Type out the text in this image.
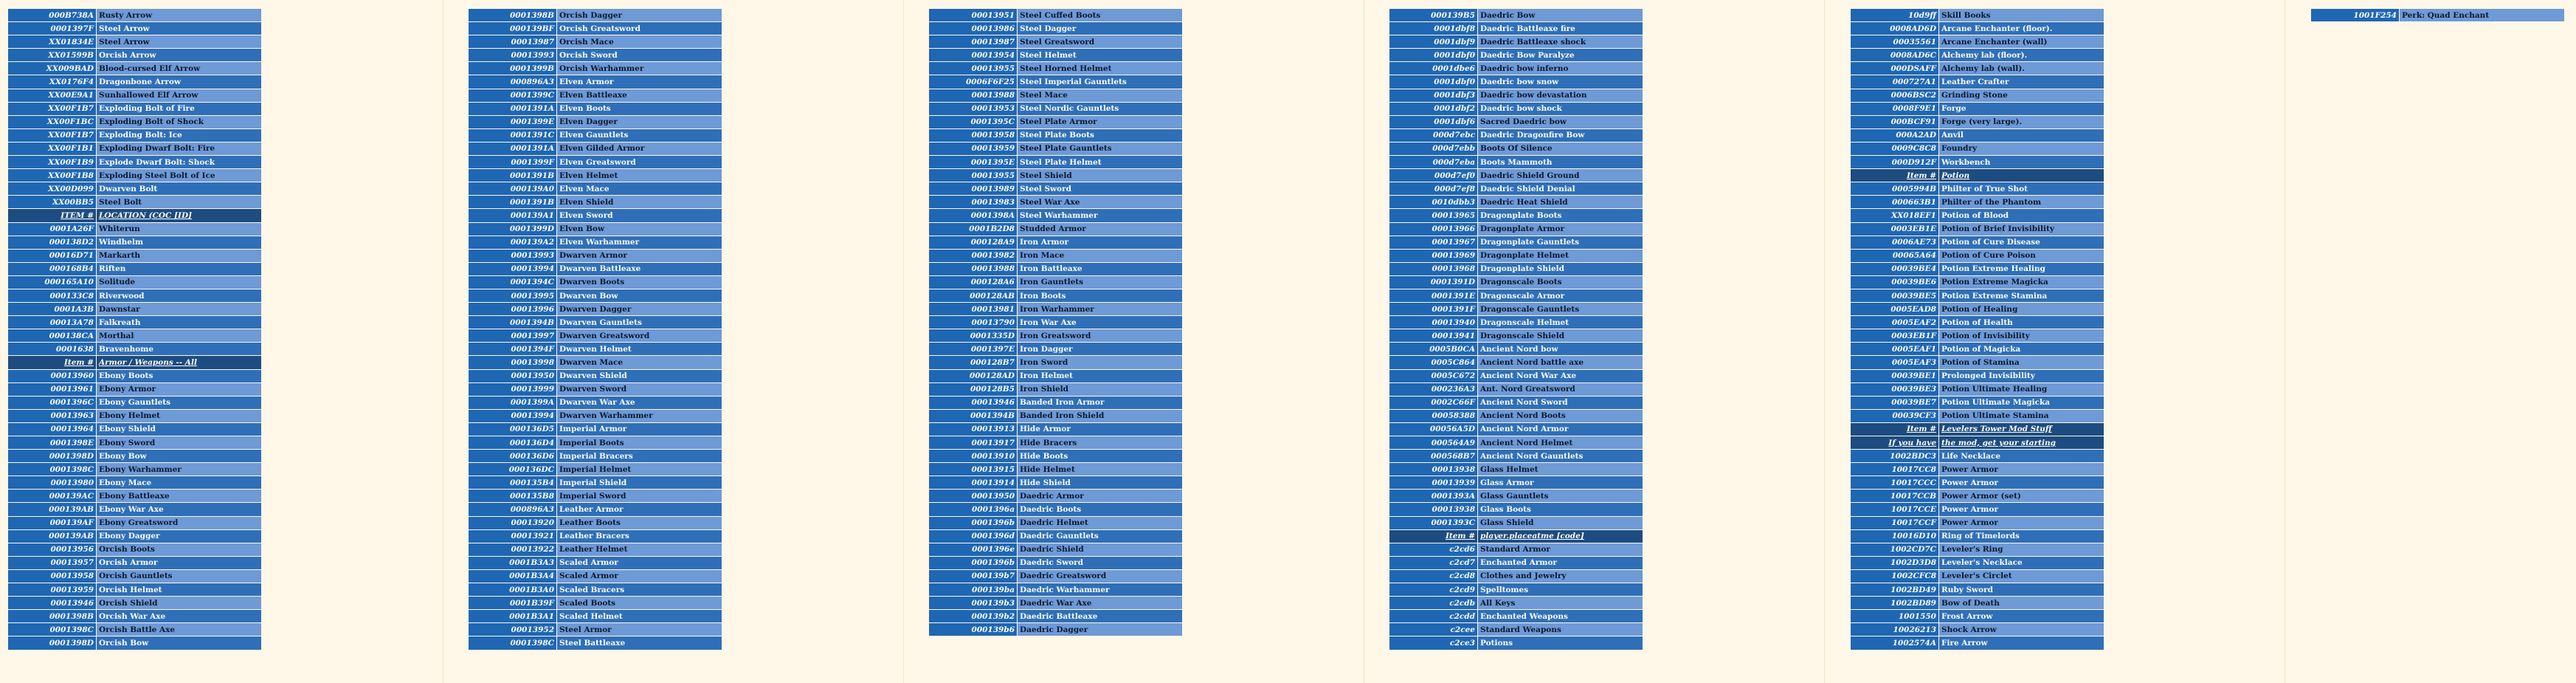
000B738A	Rusty Arrow
0001397F	Steel Arrow
XX01834E	Steel Arrow
XX01599B	Orcish Arrow
XX009BAD	Blood-cursed Elf Arrow
XX0176F4	Dragonbone Arrow
XX00E9A1	Sunhallowed Elf Arrow
XX00F1B7	Exploding Bolt of Fire
XX00F1BC	Exploding Bolt of Shock
XX00F1B7	Exploding Bolt: Ice
XX00F1B1	Exploding Dwarf Bolt: Fire
XX00F1B9	Explode Dwarf Bolt: Shock
XX00F1B8	Exploding Steel Bolt of Ice
XX00D099	Dwarven Bolt
XX00BB5	Steel Bolt
ITEM #	LOCATION (COC [ID]
0001A26F	Whiterun
000138D2	Windhelm
00016D71	Markarth
000168B4	Riften
000165A10	Solitude
000133C8	Riverwood
0001A3B	Dawnstar
00013A78	Falkreath
000138CA	Morthal
0001638	Bravenhome
Item #	Armor / Weapons -- All
00013960	Ebony Boots
00013961	Ebony Armor
0001396C	Ebony Gauntlets
00013963	Ebony Helmet
00013964	Ebony Shield
0001398E	Ebony Sword
0001398D	Ebony Bow
0001398C	Ebony Warhammer
00013980	Ebony Mace
000139AC	Ebony Battleaxe
000139AB	Ebony War Axe
000139AF	Ebony Greatsword
000139AB	Ebony Dagger
00013956	Orcish Boots
00013957	Orcish Armor
00013958	Orcish Gauntlets
00013959	Orcish Helmet
00013946	Orcish Shield
0001398B	Orcish War Axe
0001398C	Orcish Battle Axe
0001398D	Orcish Bow
0001398B	Orcish Dagger
000139BF	Orcish Greatsword
00013987	Orcish Mace
00013993	Orcish Sword
0001399B	Orcish Warhammer
000896A3	Elven Armor
0001399C	Elven Battleaxe
0001391A	Elven Boots
0001399E	Elven Dagger
0001391C	Elven Gauntlets
0001391A	Elven Gilded Armor
0001399F	Elven Greatsword
0001391B	Elven Helmet
000139A0	Elven Mace
0001391B	Elven Shield
000139A1	Elven Sword
0001399D	Elven Bow
000139A2	Elven Warhammer
00013993	Dwarven Armor
00013994	Dwarven Battleaxe
0001394C	Dwarven Boots
00013995	Dwarven Bow
00013996	Dwarven Dagger
0001394B	Dwarven Gauntlets
00013997	Dwarven Greatsword
0001394F	Dwarven Helmet
00013998	Dwarven Mace
00013950	Dwarven Shield
00013999	Dwarven Sword
0001399A	Dwarven War Axe
00013994	Dwarven Warhammer
000136D5	Imperial Armor
000136D4	Imperial Boots
000136D6	Imperial Bracers
000136DC	Imperial Helmet
000135B4	Imperial Shield
000135B8	Imperial Sword
000896A3	Leather Armor
00013920	Leather Boots
00013921	Leather Bracers
00013922	Leather Helmet
0001B3A3	Scaled Armor
0001B3A4	Scaled Armor
0001B3A0	Scaled Bracers
0001B39F	Scaled Boots
0001B3A1	Scaled Helmet
00013952	Steel Armor
0001398C	Steel Battleaxe
00013951	Steel Cuffed Boots
00013986	Steel Dagger
00013987	Steel Greatsword
00013954	Steel Helmet
00013955	Steel Horned Helmet
0006F6F25	Steel Imperial Gauntlets
00013988	Steel Mace
00013953	Steel Nordic Gauntlets
0001395C	Steel Plate Armor
00013958	Steel Plate Boots
00013959	Steel Plate Gauntlets
0001395E	Steel Plate Helmet
00013955	Steel Shield
00013989	Steel Sword
00013983	Steel War Axe
0001398A	Steel Warhammer
0001B2D8	Studded Armor
000128A9	Iron Armor
00013982	Iron Mace
00013988	Iron Battleaxe
000128A6	Iron Gauntlets
000128AB	Iron Boots
00013981	Iron Warhammer
00013790	Iron War Axe
0001335D	Iron Greatsword
0001397E	Iron Dagger
000128B7	Iron Sword
000128AD	Iron Helmet
000128B5	Iron Shield
00013946	Banded Iron Armor
0001394B	Banded Iron Shield
00013913	Hide Armor
00013917	Hide Bracers
00013910	Hide Boots
00013915	Hide Helmet
00013914	Hide Shield
00013950	Daedric Armor
0001396a	Daedric Boots
0001396b	Daedric Helmet
0001396d	Daedric Gauntlets
0001396e	Daedric Shield
0001396b	Daedric Sword
000139b7	Daedric Greatsword
000139ba	Daedric Warhammer
000139b3	Daedric War Axe
000139b2	Daedric Battleaxe
000139b6	Daedric Dagger
000139B5	Daedric Bow
0001dbf8	Daedric Battleaxe fire
0001dbf9	Daedric Battleaxe shock
0001dbf0	Daedric Bow Paralyze
0001dbe6	Daedric bow inferno
0001dbf0	Daedric bow snow
0001dbf3	Daedric bow devastation
0001dbf2	Daedric bow shock
0001dbf6	Sacred Daedric bow
000d7ebc	Daedric Dragonfire Bow
000d7ebb	Boots Of Silence
000d7eba	Boots Mammoth
000d7ef0	Daedric Shield Ground
000d7ef8	Daedric Shield Denial
0010dbb3	Daedric Heat Shield
00013965	Dragonplate Boots
00013966	Dragonplate Armor
00013967	Dragonplate Gauntlets
00013969	Dragonplate Helmet
00013968	Dragonplate Shield
0001391D	Dragonscale Boots
0001391E	Dragonscale Armor
0001391F	Dragonscale Gauntlets
00013940	Dragonscale Helmet
00013941	Dragonscale Shield
0005B0CA	Ancient Nord bow
0005C864	Ancient Nord battle axe
0005C672	Ancient Nord War Axe
000236A3	Ant. Nord Greatsword
0002C66F	Ancient Nord Sword
00058388	Ancient Nord Boots
00056A5D	Ancient Nord Armor
000564A9	Ancient Nord Helmet
000568B7	Ancient Nord Gauntlets
00013938	Glass Helmet
00013939	Glass Armor
0001393A	Glass Gauntlets
00013938	Glass Boots
0001393C	Glass Shield
Item #	player.placeatme [code]
c2cd6	Standard Armor
c2cd7	Enchanted Armor
c2cd8	Clothes and Jewelry
c2cd9	Spelltomes
c2cdb	All Keys
c2cdd	Enchanted Weapons
c2cee	Standard Weapons
c2ce3	Potions
10d9ff	Skill Books
0008AD6D	Arcane Enchanter (floor).
00035561	Arcane Enchanter (wall)
0008AD6C	Alchemy lab (floor).
000DSAFF	Alchemy lab (wall).
000727A1	Leather Crafter
0006BSC2	Grinding Stone
0008F9E1	Forge
000BCF91	Forge (very large).
000A2AD	Anvil
0009C8C8	Foundry
000D912F	Workbench
Item #	Potion
0005994B	Philter of True Shot
000663B1	Philter of the Phantom
XX018EF1	Potion of Blood
0003EB1E	Potion of Brief Invisibility
0006AE73	Potion of Cure Disease
00065A64	Potion of Cure Poison
00039BE4	Potion Extreme Healing
00039BE6	Potion Extreme Magicka
00039BE5	Potion Extreme Stamina
0005EAD8	Potion of Healing
0005EAF2	Potion of Health
0003EB1F	Potion of Invisibility
0005EAF1	Potion of Magicka
0005EAF3	Potion of Stamina
00039BE1	Prolonged Invisibility
00039BE3	Potion Ultimate Healing
00039BE7	Potion Ultimate Magicka
00039CF3	Potion Ultimate Stamina
Item #	Levelers Tower Mod Stuff
If you have	the mod, get your starting
1002BDC3	Life Necklace
10017CC8	Power Armor
10017CCC	Power Armor
10017CCB	Power Armor (set)
10017CCE	Power Armor
10017CCF	Power Armor
10016D10	Ring of Timelords
1002CD7C	Leveler's Ring
1002D3D8	Leveler's Necklace
1002CFC8	Leveler's Circlet
1002BD49	Ruby Sword
1002BD89	Bow of Death
1001550	Frost Arrow
10026213	Shock Arrow
1002574A	Fire Arrow
1001F254	Perk: Quad Enchant
